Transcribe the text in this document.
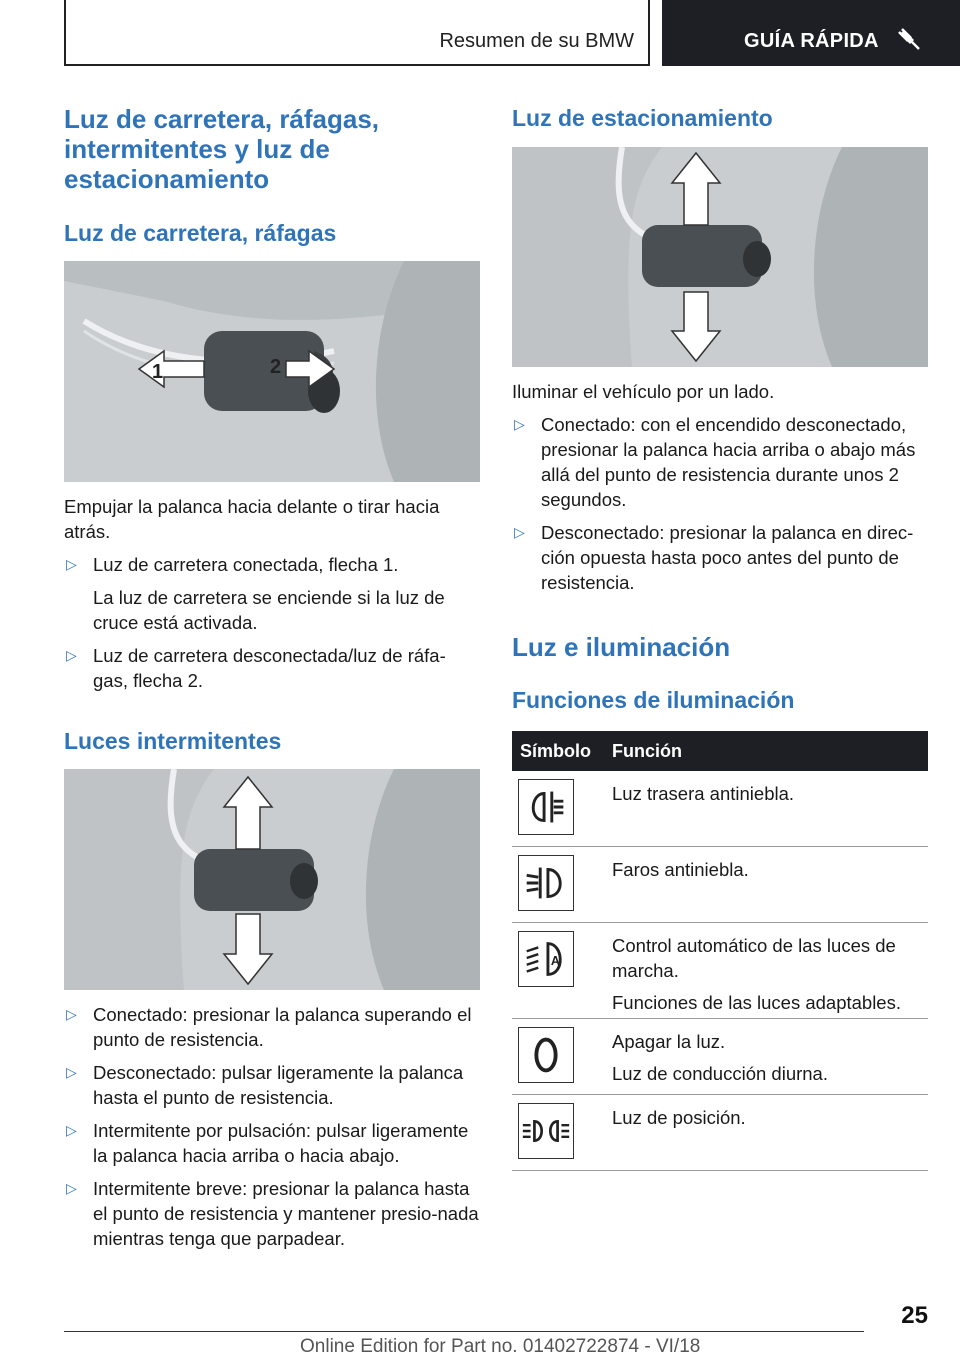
Resumen de su BMW	GUÍA RÁPIDA
Luz de carretera, ráfagas, intermitentes y luz de estacionamiento
Luz de carretera, ráfagas
1	2
Empujar la palanca hacia delante o tirar hacia atrás.
▷ Luz de carretera conectada, flecha 1.
La luz de carretera se enciende si la luz de cruce está activada.
▷ Luz de carretera desconectada/luz de ráfa-gas, flecha 2.
Luces intermitentes
▷ Conectado: presionar la palanca superando el punto de resistencia.
▷ Desconectado: pulsar ligeramente la palanca hasta el punto de resistencia.
▷ Intermitente por pulsación: pulsar ligeramente la palanca hacia arriba o hacia abajo.
▷ Intermitente breve: presionar la palanca hasta el punto de resistencia y mantener presio-nada mientras tenga que parpadear.
Luz de estacionamiento
Iluminar el vehículo por un lado.
▷ Conectado: con el encendido desconectado, presionar la palanca hacia arriba o abajo más allá del punto de resistencia durante unos 2 segundos.
▷ Desconectado: presionar la palanca en direc-ción opuesta hasta poco antes del punto de resistencia.
Luz e iluminación
Funciones de iluminación
Símbolo Función

Luz trasera antiniebla.

Faros antiniebla.

A

Control automático de las luces de marcha.

Funciones de las luces adaptables.

Apagar la luz.

Luz de conducción diurna.

Luz de posición.

25
Online Edition for Part no. 01402722874 - VI/18
